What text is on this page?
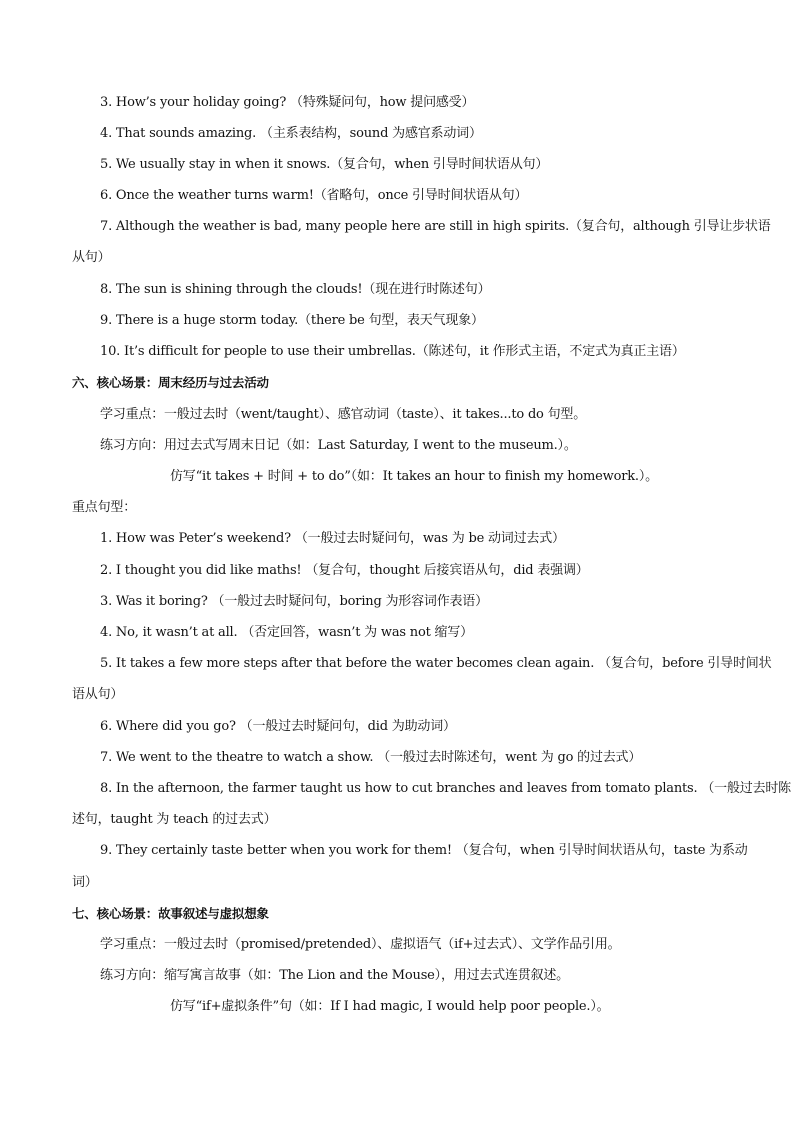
3. How’s your holiday going? （特殊疑问句，how 提问感受）
4. That sounds amazing. （主系表结构，sound 为感官系动词）
5. We usually stay in when it snows.（复合句，when 引导时间状语从句）
6. Once the weather turns warm!（省略句，once 引导时间状语从句）
7. Although the weather is bad, many people here are still in high spirits.（复合句，although 引导让步状语
从句）
8. The sun is shining through the clouds!（现在进行时陈述句）
9. There is a huge storm today.（there be 句型，表天气现象）
10. It’s difficult for people to use their umbrellas.（陈述句，it 作形式主语，不定式为真正主语）
六、核心场景：周末经历与过去活动
学习重点：一般过去时（went/taught）、感官动词（taste）、it takes...to do 句型。
练习方向：用过去式写周末日记（如：Last Saturday, I went to the museum.）。
仿写“it takes + 时间 + to do”（如：It takes an hour to finish my homework.）。
重点句型：
1. How was Peter’s weekend? （一般过去时疑问句，was 为 be 动词过去式）
2. I thought you did like maths! （复合句，thought 后接宾语从句，did 表强调）
3. Was it boring? （一般过去时疑问句，boring 为形容词作表语）
4. No, it wasn’t at all. （否定回答，wasn’t 为 was not 缩写）
5. It takes a few more steps after that before the water becomes clean again. （复合句，before 引导时间状
语从句）
6. Where did you go? （一般过去时疑问句，did 为助动词）
7. We went to the theatre to watch a show. （一般过去时陈述句，went 为 go 的过去式）
8. In the afternoon, the farmer taught us how to cut branches and leaves from tomato plants. （一般过去时陈
述句，taught 为 teach 的过去式）
9. They certainly taste better when you work for them! （复合句，when 引导时间状语从句，taste 为系动
词）
七、核心场景：故事叙述与虚拟想象
学习重点：一般过去时（promised/pretended）、虚拟语气（if+过去式）、文学作品引用。
练习方向：缩写寓言故事（如：The Lion and the Mouse），用过去式连贯叙述。
仿写“if+虚拟条件”句（如：If I had magic, I would help poor people.）。
